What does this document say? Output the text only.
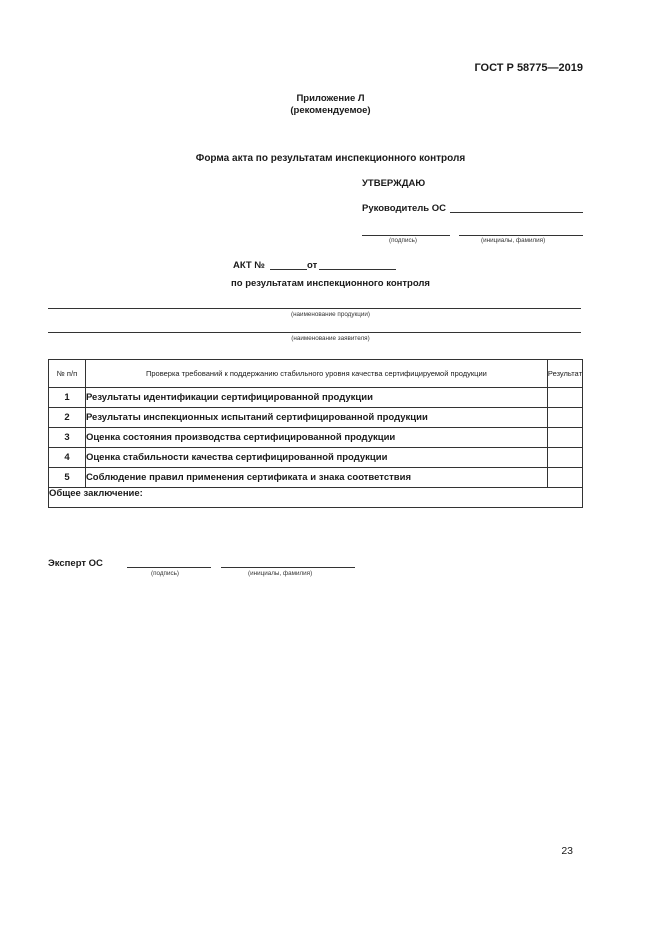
ГОСТ Р 58775—2019
Приложение Л
(рекомендуемое)
Форма акта по результатам инспекционного контроля
УТВЕРЖДАЮ
Руководитель ОС
(подпись)	(инициалы, фамилия)
АКТ №	от
по результатам инспекционного контроля
(наименование продукции)
(наименование заявителя)
№ п/п	Проверка требований к поддержанию стабильного уровня качества сертифицируемой продукции	Результат
1	Результаты идентификации сертифицированной продукции	
2	Результаты инспекционных испытаний сертифицированной продукции	
3	Оценка состояния производства сертифицированной продукции	
4	Оценка стабильности качества сертифицированной продукции	
5	Соблюдение правил применения сертификата и знака соответствия	
Общее заключение:		
Эксперт ОС
(подпись)	(инициалы, фамилия)
23
